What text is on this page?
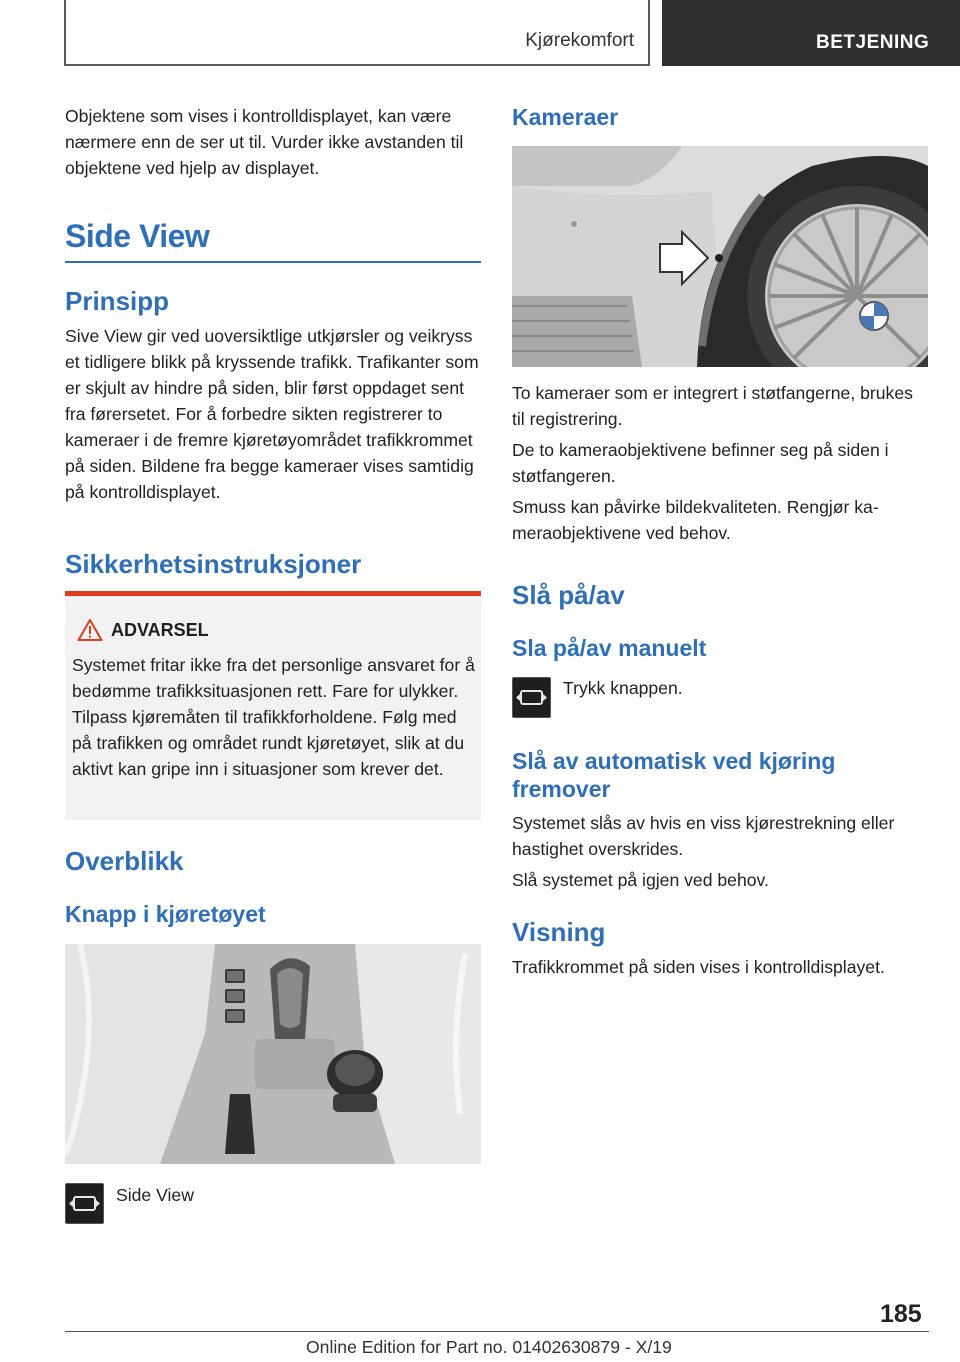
Kjørekomfort	BETJENING

Objektene som vises i kontrolldisplayet, kan være nærmere enn de ser ut til. Vurder ikke avstanden til objektene ved hjelp av displayet.

Side View
Prinsipp

Sive View gir ved uoversiktlige utkjørsler og veikryss et tidligere blikk på kryssende trafikk. Trafikanter som er skjult av hindre på siden, blir først oppdaget sent fra førersetet. For å forbedre sikten registrerer to kameraer i de fremre kjøretøyområdet trafikkrommet på siden. Bildene fra begge kameraer vises samtidig på kontrolldisplayet.

Sikkerhetsinstruksjoner
ADVARSEL

Systemet fritar ikke fra det personlige ansvaret for å bedømme trafikksituasjonen rett. Fare for ulykker. Tilpass kjøremåten til trafikkforholdene. Følg med på trafikken og området rundt kjøretøyet, slik at du aktivt kan gripe inn i situasjoner som krever det.

Overblikk
Knapp i kjøretøyet
Side View
Kameraer

To kameraer som er integrert i støtfangerne, brukes til registrering.

De to kameraobjektivene befinner seg på siden i støtfangeren.

Smuss kan påvirke bildekvaliteten. Rengjør kameraobjektivene ved behov.

Slå på/av
Sla på/av manuelt
Trykk knappen.
Slå av automatisk ved kjøring fremover

Systemet slås av hvis en viss kjørestrekning eller hastighet overskrides.

Slå systemet på igjen ved behov.

Visning

Trafikkrommet på siden vises i kontrolldisplayet.

185
Online Edition for Part no. 01402630879 - X/19
